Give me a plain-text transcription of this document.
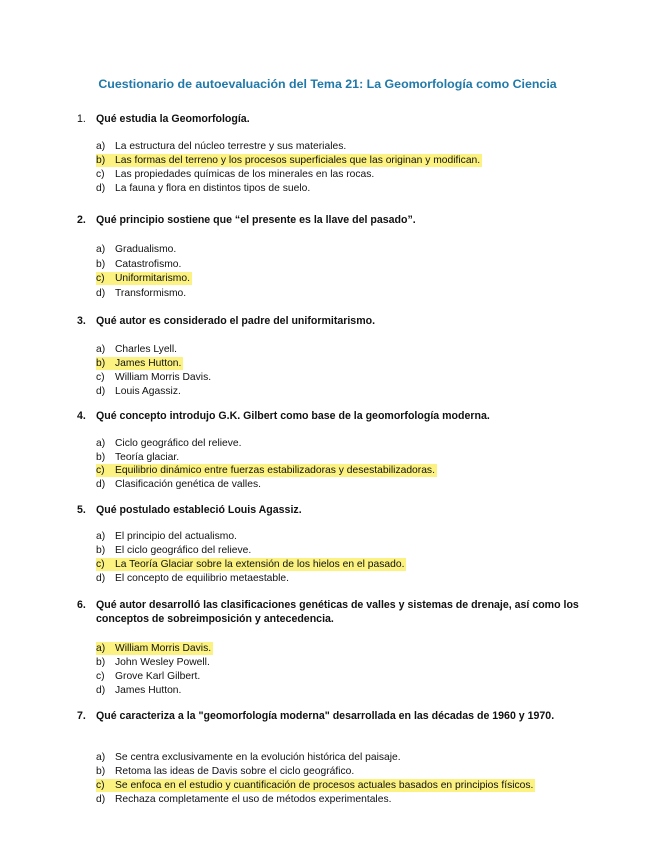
Cuestionario de autoevaluación del Tema 21: La Geomorfología como Ciencia
1. Qué estudia la Geomorfología.
a) La estructura del núcleo terrestre y sus materiales.
b) Las formas del terreno y los procesos superficiales que las originan y modifican.
c) Las propiedades químicas de los minerales en las rocas.
d) La fauna y flora en distintos tipos de suelo.
2. Qué principio sostiene que “el presente es la llave del pasado”.
a) Gradualismo.
b) Catastrofismo.
c) Uniformitarismo.
d) Transformismo.
3. Qué autor es considerado el padre del uniformitarismo.
a) Charles Lyell.
b) James Hutton.
c) William Morris Davis.
d) Louis Agassiz.
4. Qué concepto introdujo G.K. Gilbert como base de la geomorfología moderna.
a) Ciclo geográfico del relieve.
b) Teoría glaciar.
c) Equilibrio dinámico entre fuerzas estabilizadoras y desestabilizadoras.
d) Clasificación genética de valles.
5. Qué postulado estableció Louis Agassiz.
a) El principio del actualismo.
b) El ciclo geográfico del relieve.
c) La Teoría Glaciar sobre la extensión de los hielos en el pasado.
d) El concepto de equilibrio metaestable.
6. Qué autor desarrolló las clasificaciones genéticas de valles y sistemas de drenaje, así como los conceptos de sobreimposición y antecedencia.
a) William Morris Davis.
b) John Wesley Powell.
c) Grove Karl Gilbert.
d) James Hutton.
7. Qué caracteriza a la "geomorfología moderna" desarrollada en las décadas de 1960 y 1970.
a) Se centra exclusivamente en la evolución histórica del paisaje.
b) Retoma las ideas de Davis sobre el ciclo geográfico.
c) Se enfoca en el estudio y cuantificación de procesos actuales basados en principios físicos.
d) Rechaza completamente el uso de métodos experimentales.
